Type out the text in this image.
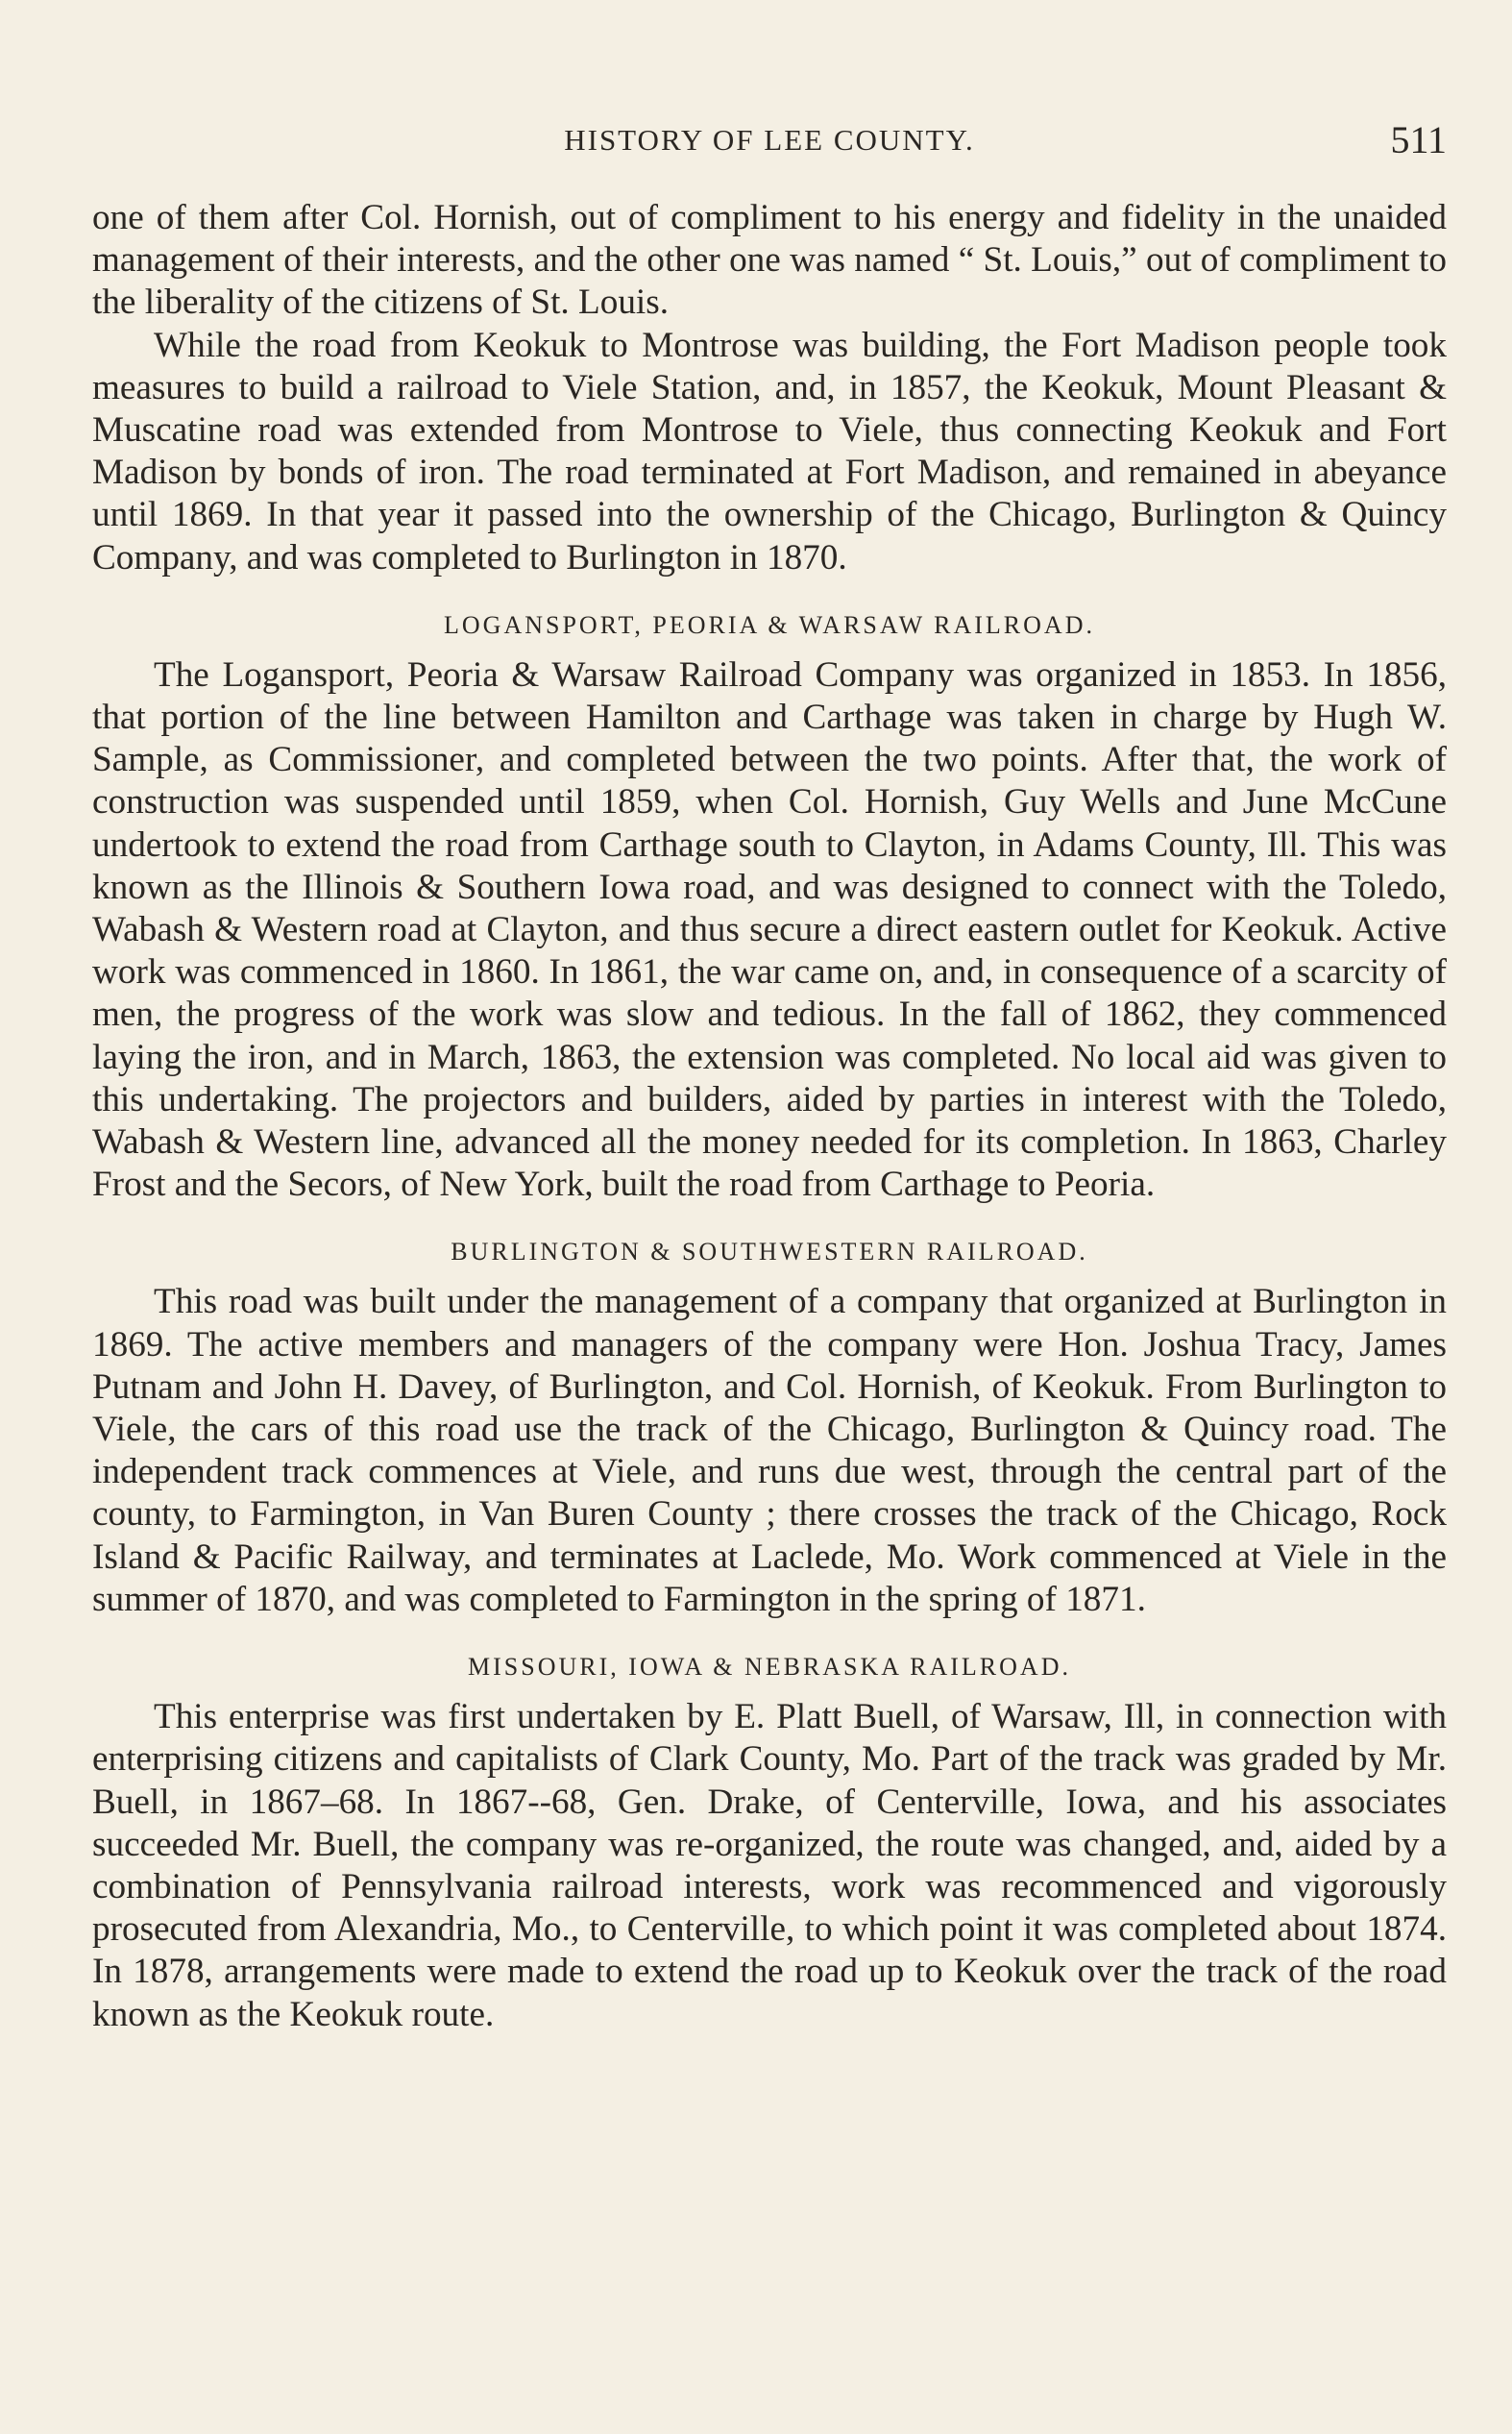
HISTORY OF LEE COUNTY.	511

one of them after Col. Hornish, out of compliment to his energy and fidelity in the unaided management of their interests, and the other one was named “ St. Louis,” out of compliment to the liberality of the citizens of St. Louis.

While the road from Keokuk to Montrose was building, the Fort Madison people took measures to build a railroad to Viele Station, and, in 1857, the Keokuk, Mount Pleasant & Muscatine road was extended from Montrose to Viele, thus connecting Keokuk and Fort Madison by bonds of iron. The road terminated at Fort Madison, and remained in abeyance until 1869. In that year it passed into the ownership of the Chicago, Burlington & Quincy Company, and was completed to Burlington in 1870.

LOGANSPORT, PEORIA & WARSAW RAILROAD.

The Logansport, Peoria & Warsaw Railroad Company was organized in 1853. In 1856, that portion of the line between Hamilton and Carthage was taken in charge by Hugh W. Sample, as Commissioner, and completed between the two points. After that, the work of construction was suspended until 1859, when Col. Hornish, Guy Wells and June McCune undertook to extend the road from Carthage south to Clayton, in Adams County, Ill. This was known as the Illinois & Southern Iowa road, and was designed to connect with the Toledo, Wabash & Western road at Clayton, and thus secure a direct eastern outlet for Keokuk. Active work was commenced in 1860. In 1861, the war came on, and, in consequence of a scarcity of men, the progress of the work was slow and tedious. In the fall of 1862, they commenced laying the iron, and in March, 1863, the extension was completed. No local aid was given to this undertaking. The projectors and builders, aided by parties in interest with the Toledo, Wabash & Western line, advanced all the money needed for its completion. In 1863, Charley Frost and the Secors, of New York, built the road from Carthage to Peoria.

BURLINGTON & SOUTHWESTERN RAILROAD.

This road was built under the management of a company that organized at Burlington in 1869. The active members and managers of the company were Hon. Joshua Tracy, James Putnam and John H. Davey, of Burlington, and Col. Hornish, of Keokuk. From Burlington to Viele, the cars of this road use the track of the Chicago, Burlington & Quincy road. The independent track commences at Viele, and runs due west, through the central part of the county, to Farmington, in Van Buren County ; there crosses the track of the Chicago, Rock Island & Pacific Railway, and terminates at Laclede, Mo. Work commenced at Viele in the summer of 1870, and was completed to Farmington in the spring of 1871.

MISSOURI, IOWA & NEBRASKA RAILROAD.

This enterprise was first undertaken by E. Platt Buell, of Warsaw, Ill, in connection with enterprising citizens and capitalists of Clark County, Mo. Part of the track was graded by Mr. Buell, in 1867–68. In 1867--68, Gen. Drake, of Centerville, Iowa, and his associates succeeded Mr. Buell, the company was re-organized, the route was changed, and, aided by a combination of Pennsylvania railroad interests, work was recommenced and vigorously prosecuted from Alexandria, Mo., to Centerville, to which point it was completed about 1874. In 1878, arrangements were made to extend the road up to Keokuk over the track of the road known as the Keokuk route.
